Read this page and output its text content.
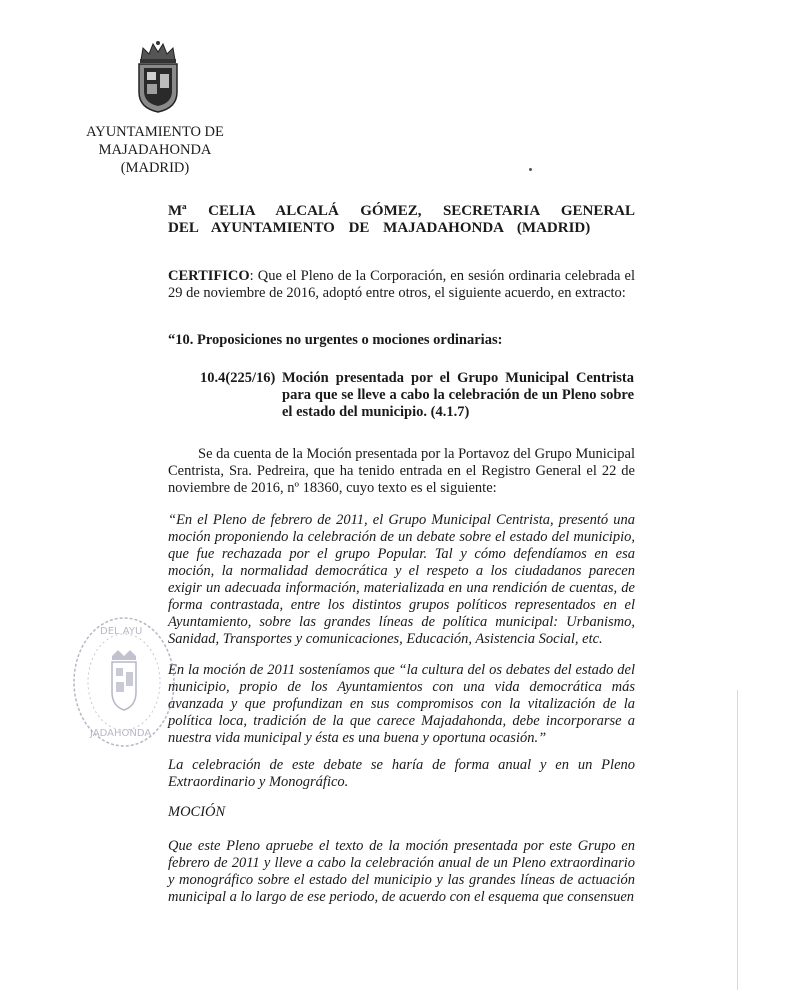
AYUNTAMIENTO DE
MAJADAHONDA
(MADRID)

Mª CELIA ALCALÁ GÓMEZ, SECRETARIA GENERAL DEL AYUNTAMIENTO DE MAJADAHONDA (MADRID)

CERTIFICO: Que el Pleno de la Corporación, en sesión ordinaria celebrada el 29 de noviembre de 2016, adoptó entre otros, el siguiente acuerdo, en extracto:

“10. Proposiciones no urgentes o mociones ordinarias:

10.4(225/16) Moción presentada por el Grupo Municipal Centrista para que se lleve a cabo la celebración de un Pleno sobre el estado del municipio. (4.1.7)

Se da cuenta de la Moción presentada por la Portavoz del Grupo Municipal Centrista, Sra. Pedreira, que ha tenido entrada en el Registro General el 22 de noviembre de 2016, nº 18360, cuyo texto es el siguiente:

“En el Pleno de febrero de 2011, el Grupo Municipal Centrista, presentó una moción proponiendo la celebración de un debate sobre el estado del municipio, que fue rechazada por el grupo Popular. Tal y cómo defendíamos en esa moción, la normalidad democrática y el respeto a los ciudadanos parecen exigir un adecuada información, materializada en una rendición de cuentas, de forma contrastada, entre los distintos grupos políticos representados en el Ayuntamiento, sobre las grandes líneas de política municipal: Urbanismo, Sanidad, Transportes y comunicaciones, Educación, Asistencia Social, etc.

En la moción de 2011 sosteníamos que “la cultura del os debates del estado del municipio, propio de los Ayuntamientos con una vida democrática más avanzada y que profundizan en sus compromisos con la vitalización de la política loca, tradición de la que carece Majadahonda, debe incorporarse a nuestra vida municipal y ésta es una buena y oportuna ocasión.”

La celebración de este debate se haría de forma anual y en un Pleno Extraordinario y Monográfico.

MOCIÓN

Que este Pleno apruebe el texto de la moción presentada por este Grupo en febrero de 2011 y lleve a cabo la celebración anual de un Pleno extraordinario y monográfico sobre el estado del municipio y las grandes líneas de actuación municipal a lo largo de ese periodo, de acuerdo con el esquema que consensuen

DEL AYU
JADAHONDA
